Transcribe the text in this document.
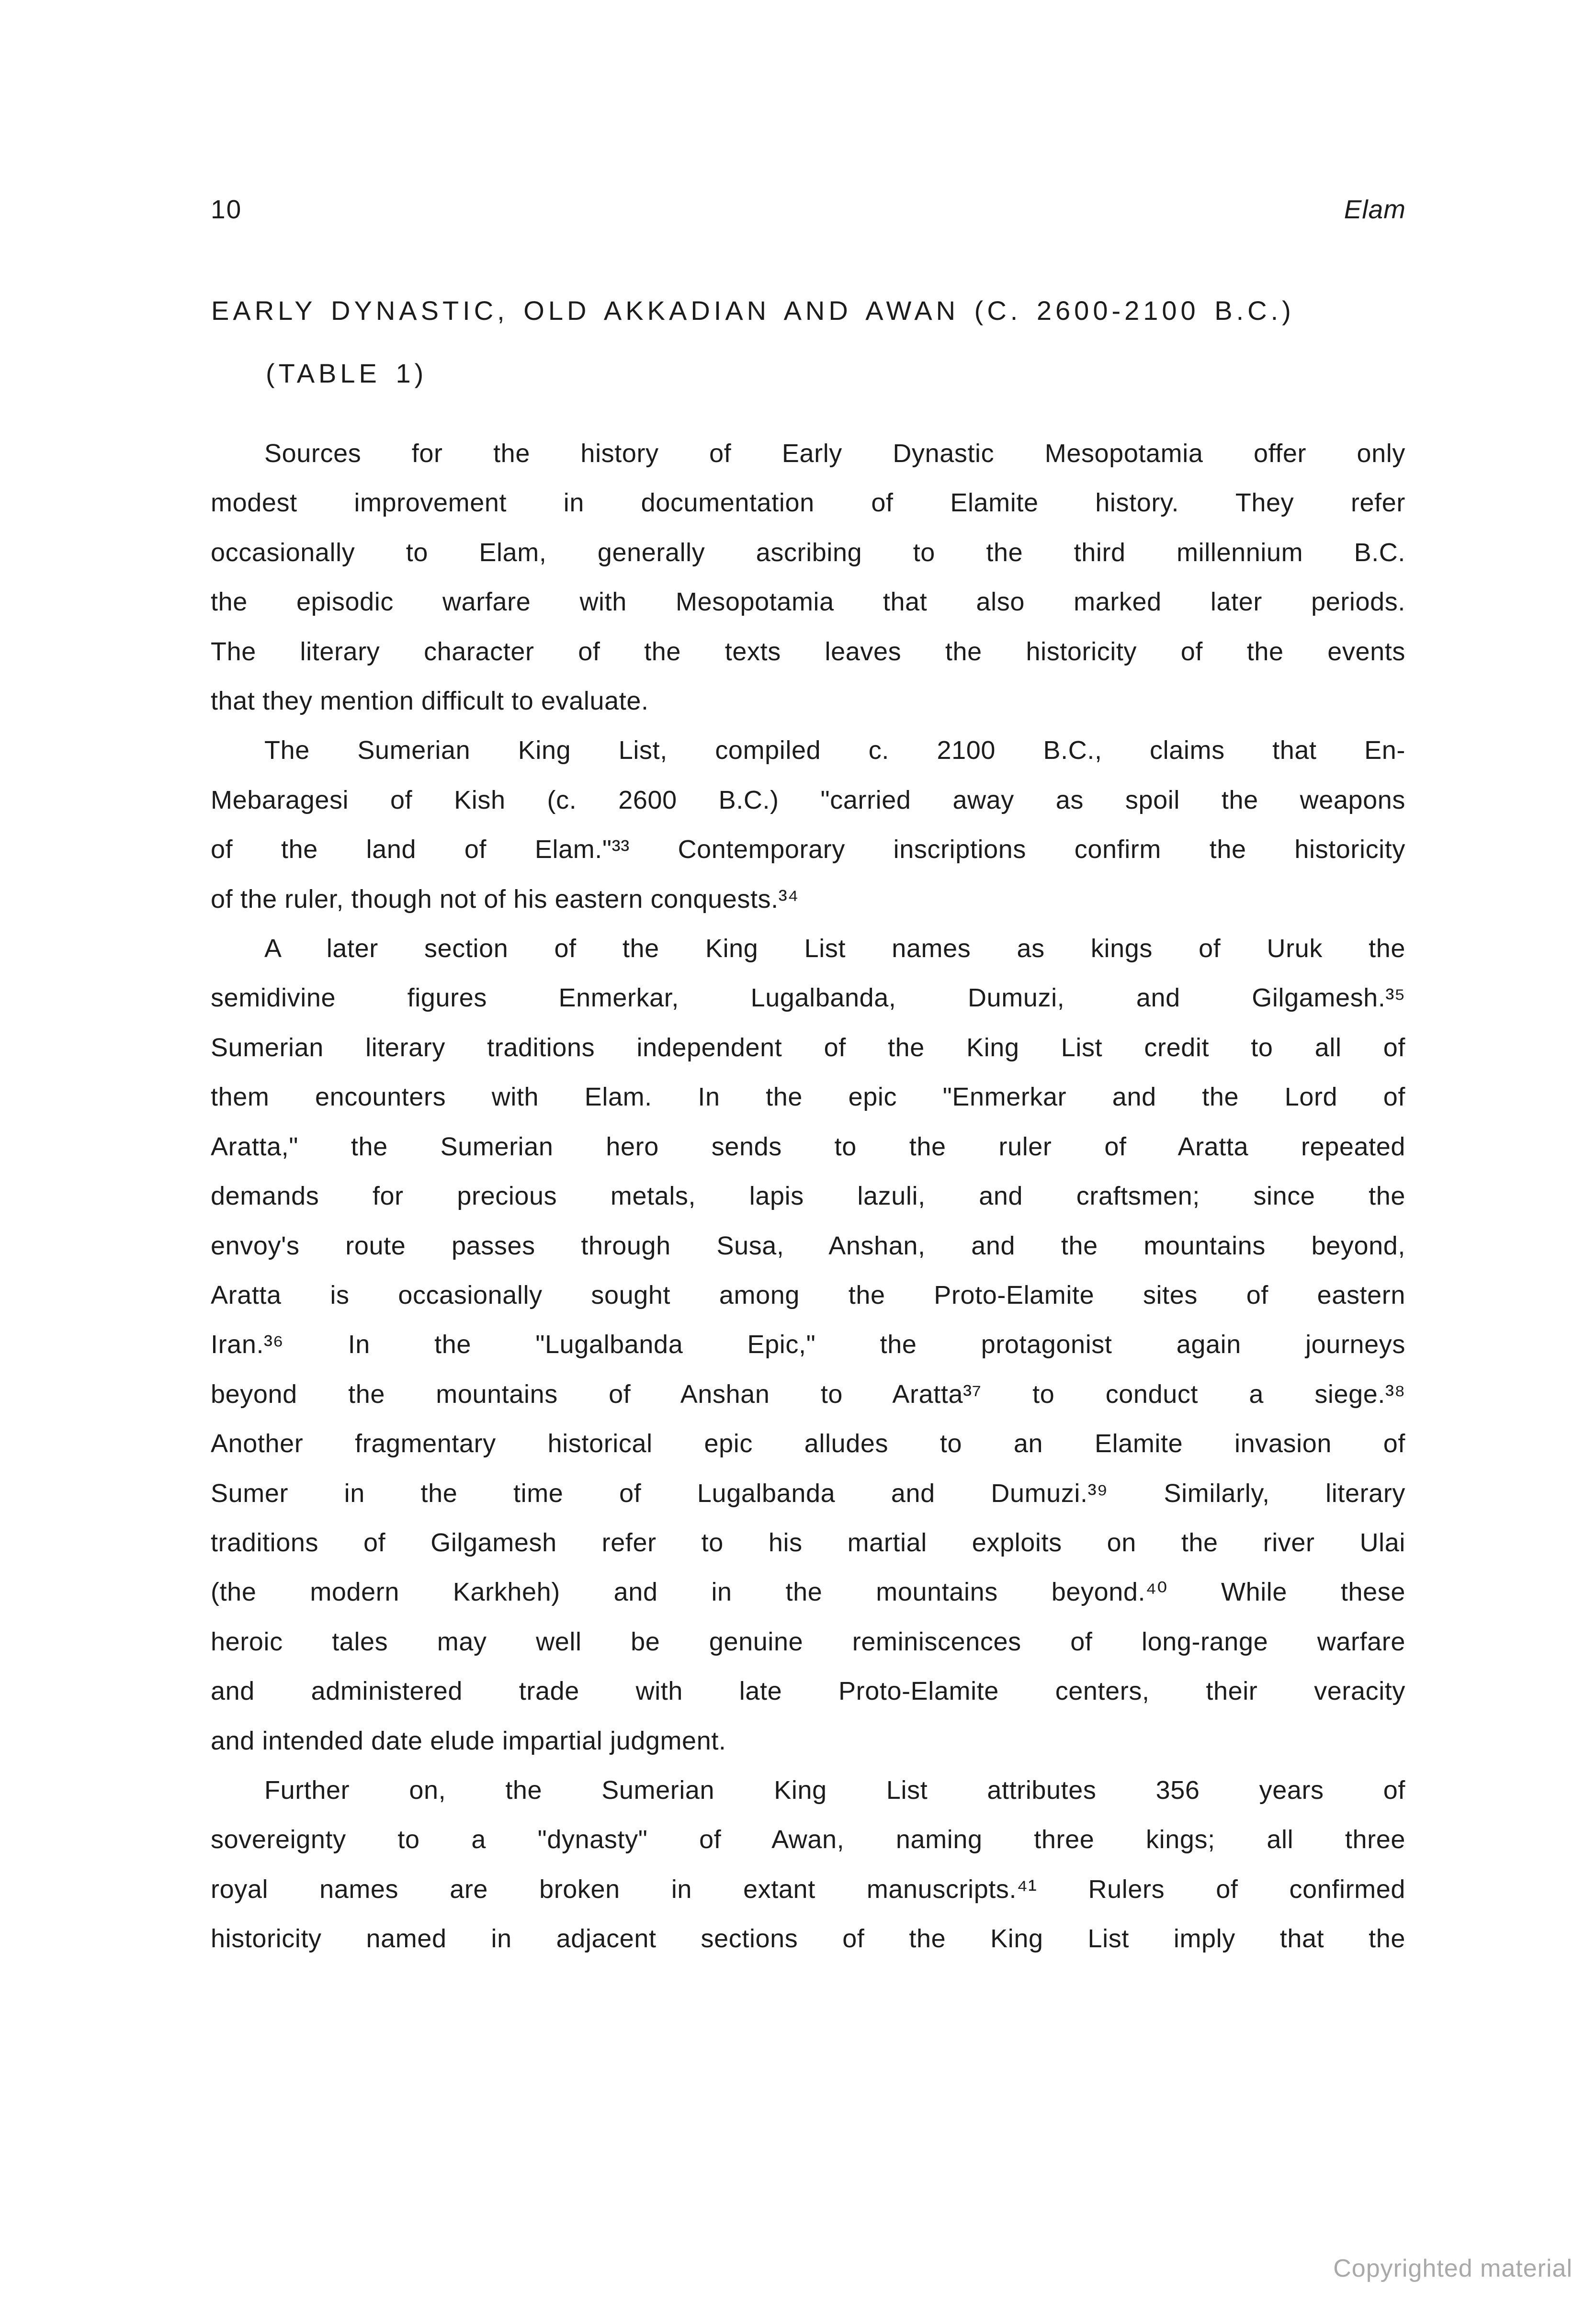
10	Elam
EARLY DYNASTIC, OLD AKKADIAN AND AWAN (C. 2600-2100 B.C.)
(TABLE 1)
Sources for the history of Early Dynastic Mesopotamia offer only
modest improvement in documentation of Elamite history. They refer
occasionally to Elam, generally ascribing to the third millennium B.C.
the episodic warfare with Mesopotamia that also marked later periods.
The literary character of the texts leaves the historicity of the events
that they mention difficult to evaluate.
The Sumerian King List, compiled c. 2100 B.C., claims that En-
Mebaragesi of Kish (c. 2600 B.C.) "carried away as spoil the weapons
of the land of Elam."³³ Contemporary inscriptions confirm the historicity
of the ruler, though not of his eastern conquests.³⁴
A later section of the King List names as kings of Uruk the
semidivine figures Enmerkar, Lugalbanda, Dumuzi, and Gilgamesh.³⁵
Sumerian literary traditions independent of the King List credit to all of
them encounters with Elam. In the epic "Enmerkar and the Lord of
Aratta," the Sumerian hero sends to the ruler of Aratta repeated
demands for precious metals, lapis lazuli, and craftsmen; since the
envoy's route passes through Susa, Anshan, and the mountains beyond,
Aratta is occasionally sought among the Proto-Elamite sites of eastern
Iran.³⁶ In the "Lugalbanda Epic," the protagonist again journeys
beyond the mountains of Anshan to Aratta³⁷ to conduct a siege.³⁸
Another fragmentary historical epic alludes to an Elamite invasion of
Sumer in the time of Lugalbanda and Dumuzi.³⁹ Similarly, literary
traditions of Gilgamesh refer to his martial exploits on the river Ulai
(the modern Karkheh) and in the mountains beyond.⁴⁰ While these
heroic tales may well be genuine reminiscences of long-range warfare
and administered trade with late Proto-Elamite centers, their veracity
and intended date elude impartial judgment.
Further on, the Sumerian King List attributes 356 years of
sovereignty to a "dynasty" of Awan, naming three kings; all three
royal names are broken in extant manuscripts.⁴¹ Rulers of confirmed
historicity named in adjacent sections of the King List imply that the
Copyrighted material
